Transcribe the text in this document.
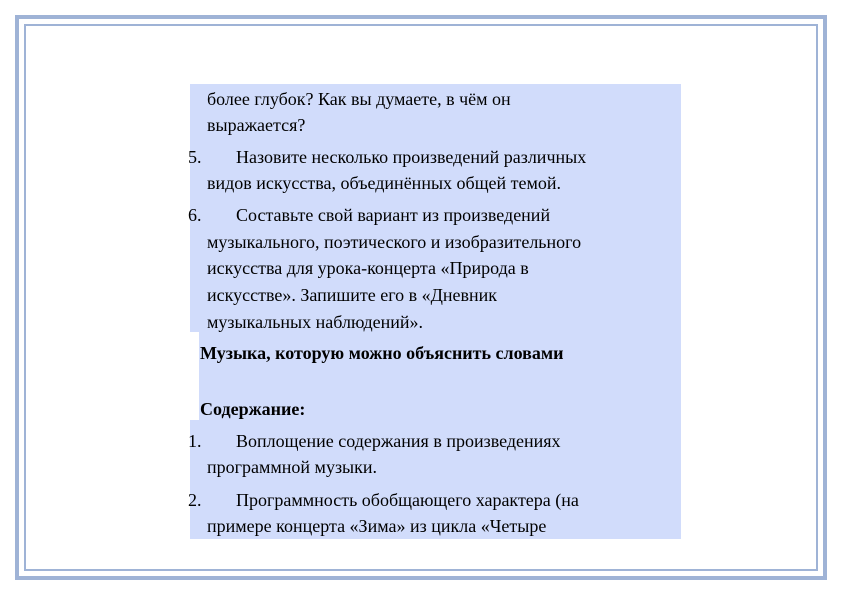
более глубок? Как вы думаете, в чём он
выражается?
5. Назовите несколько произведений различных
видов искусства, объединённых общей темой.
6. Составьте свой вариант из произведений
музыкального, поэтического и изобразительного
искусства для урока-концерта «Природа в
искусстве». Запишите его в «Дневник
музыкальных наблюдений».
Музыка, которую можно объяснить словами
Содержание:
1. Воплощение содержания в произведениях
программной музыки.
2. Программность обобщающего характера (на
примере концерта «Зима» из цикла «Четыре
